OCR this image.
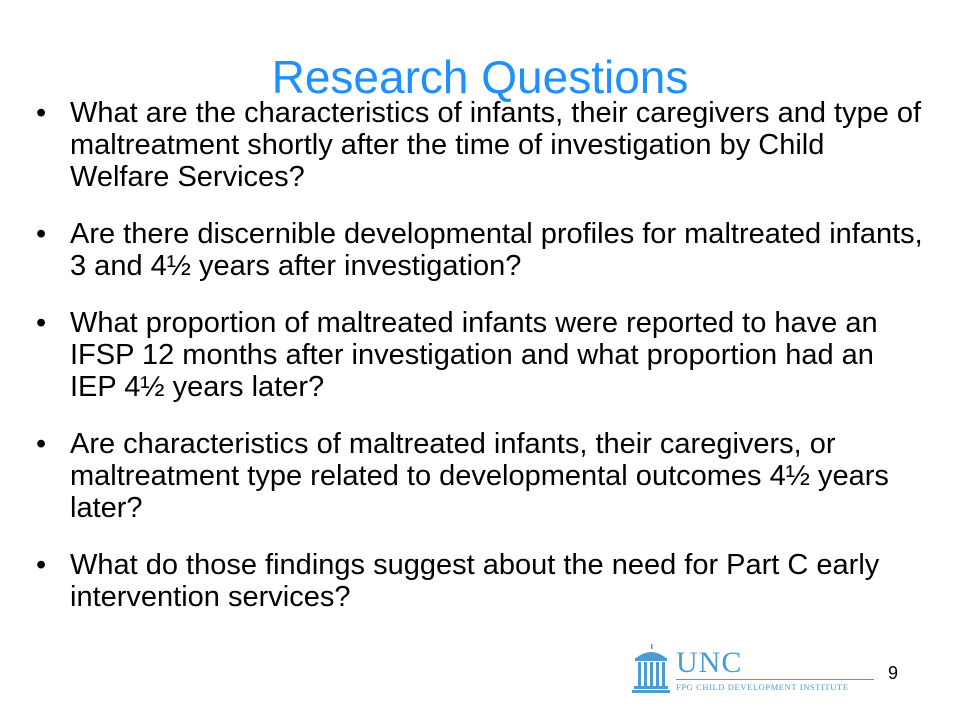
Research Questions
• What are the characteristics of infants, their caregivers and type of maltreatment shortly after the time of investigation by Child Welfare Services?
• Are there discernible developmental profiles for maltreated infants, 3 and 4½ years after investigation?
• What proportion of maltreated infants were reported to have an IFSP 12 months after investigation and what proportion had an IEP 4½ years later?
• Are characteristics of maltreated infants, their caregivers, or maltreatment type related to developmental outcomes 4½ years later?
• What do those findings suggest about the need for Part C early intervention services?
UNC
FPG CHILD DEVELOPMENT INSTITUTE
9
